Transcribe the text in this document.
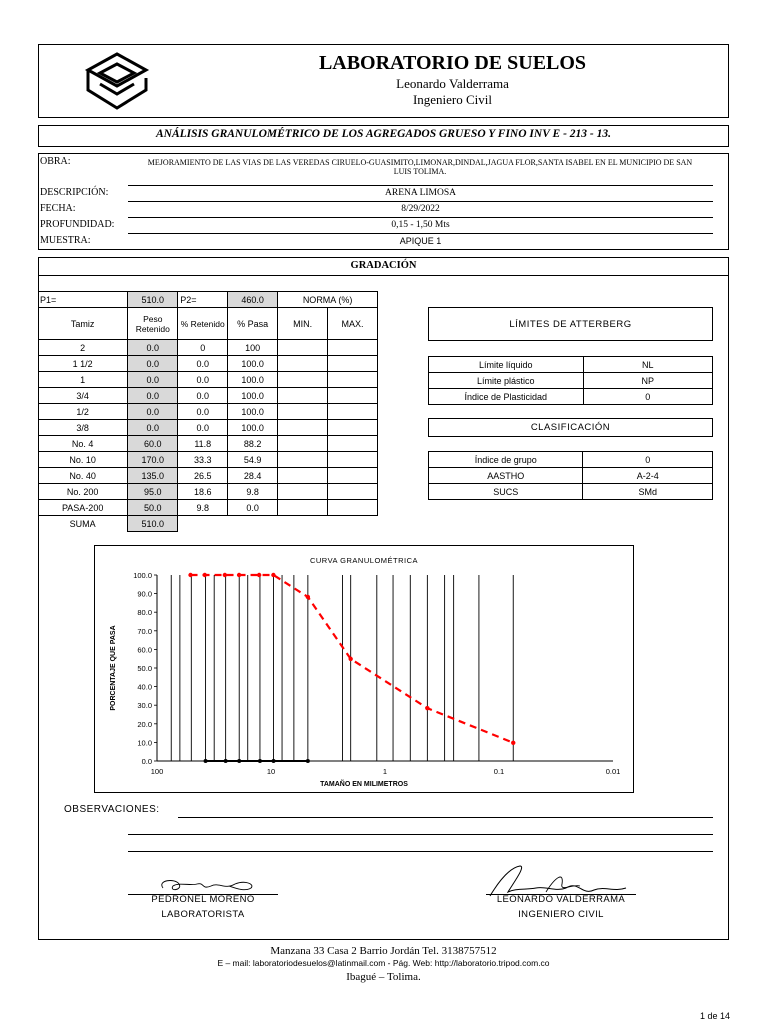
LABORATORIO DE SUELOS
Leonardo Valderrama
Ingeniero Civil
ANÁLISIS GRANULOMÉTRICO DE LOS AGREGADOS GRUESO Y FINO INV E - 213 - 13.
OBRA:	MEJORAMIENTO DE LAS VIAS DE LAS VEREDAS CIRUELO-GUASIMITO,LIMONAR,DINDAL,JAGUA FLOR,SANTA ISABEL EN EL MUNICIPIO DE SAN LUIS TOLIMA.
DESCRIPCIÓN:	ARENA LIMOSA
FECHA:	8/29/2022
PROFUNDIDAD:	0,15 - 1,50 Mts
MUESTRA:	APIQUE 1
GRADACIÓN
P1=	510.0	P2=	460.0	NORMA (%)	
Tamiz	Peso Retenido	% Retenido	% Pasa	MIN.	MAX.
2	0.0	0	100		
1 1/2	0.0	0.0	100.0		
1	0.0	0.0	100.0		
3/4	0.0	0.0	100.0		
1/2	0.0	0.0	100.0		
3/8	0.0	0.0	100.0		
No. 4	60.0	11.8	88.2		
No. 10	170.0	33.3	54.9		
No. 40	135.0	26.5	28.4		
No. 200	95.0	18.6	9.8		
PASA-200	50.0	9.8	0.0		
SUMA	510.0				
LÍMITES DE ATTERBERG
Límite líquido	NL
Límite plástico	NP
Índice de Plasticidad	0
CLASIFICACIÓN
Índice de grupo	0
AASTHO	A-2-4
SUCS	SMd
0.0
10.0
20.0
30.0
40.0
50.0
60.0
70.0
80.0
90.0
100.0
100	10	1	0.1	0.01
CURVA GRANULOMÉTRICA
TAMAÑO EN MILIMETROS
PORCENTAJE QUE PASA
OBSERVACIONES:
PEDRONEL MORENO
LABORATORISTA
LEONARDO VALDERRAMA
INGENIERO CIVIL
Manzana 33 Casa 2 Barrio Jordán Tel. 3138757512
E – mail: laboratoriodesuelos@latinmail.com - Pág. Web: http://laboratorio.tripod.com.co
Ibagué – Tolima.
1 de 14
